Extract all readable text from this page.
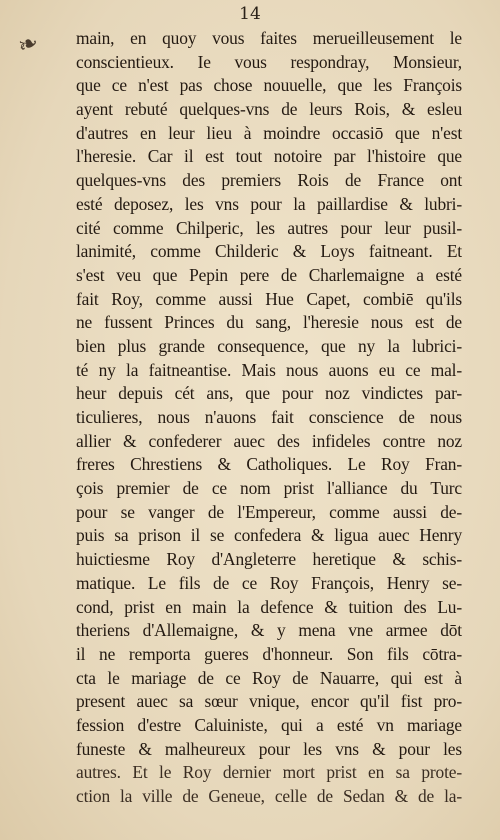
14
❧ main, en quoy vous faites merueilleusement le
conscientieux. Ie vous respondray, Monsieur,
que ce n'est pas chose nouuelle, que les François
ayent rebuté quelques-vns de leurs Rois, & esleu
d'autres en leur lieu à moindre occasiō que n'est
l'heresie. Car il est tout notoire par l'histoire que
quelques-vns des premiers Rois de France ont
esté deposez, les vns pour la paillardise & lubri-
cité comme Chilperic, les autres pour leur pusil-
lanimité, comme Childeric & Loys faitneant. Et
s'est veu que Pepin pere de Charlemaigne a esté
fait Roy, comme aussi Hue Capet, combiē qu'ils
ne fussent Princes du sang, l'heresie nous est de
bien plus grande consequence, que ny la lubrici-
té ny la faitneantise. Mais nous auons eu ce mal-
heur depuis cét ans, que pour noz vindictes par-
ticulieres, nous n'auons fait conscience de nous
allier & confederer auec des infideles contre noz
freres Chrestiens & Catholiques. Le Roy Fran-
çois premier de ce nom prist l'alliance du Turc
pour se vanger de l'Empereur, comme aussi de-
puis sa prison il se confedera & ligua auec Henry
huictiesme Roy d'Angleterre heretique & schis-
matique. Le fils de ce Roy François, Henry se-
cond, prist en main la defence & tuition des Lu-
theriens d'Allemaigne, & y mena vne armee dōt
il ne remporta gueres d'honneur. Son fils cōtra-
cta le mariage de ce Roy de Nauarre, qui est à
present auec sa sœur vnique, encor qu'il fist pro-
fession d'estre Caluiniste, qui a esté vn mariage
funeste & malheureux pour les vns & pour les
autres. Et le Roy dernier mort prist en sa prote-
ction la ville de Geneue, celle de Sedan & de la-
